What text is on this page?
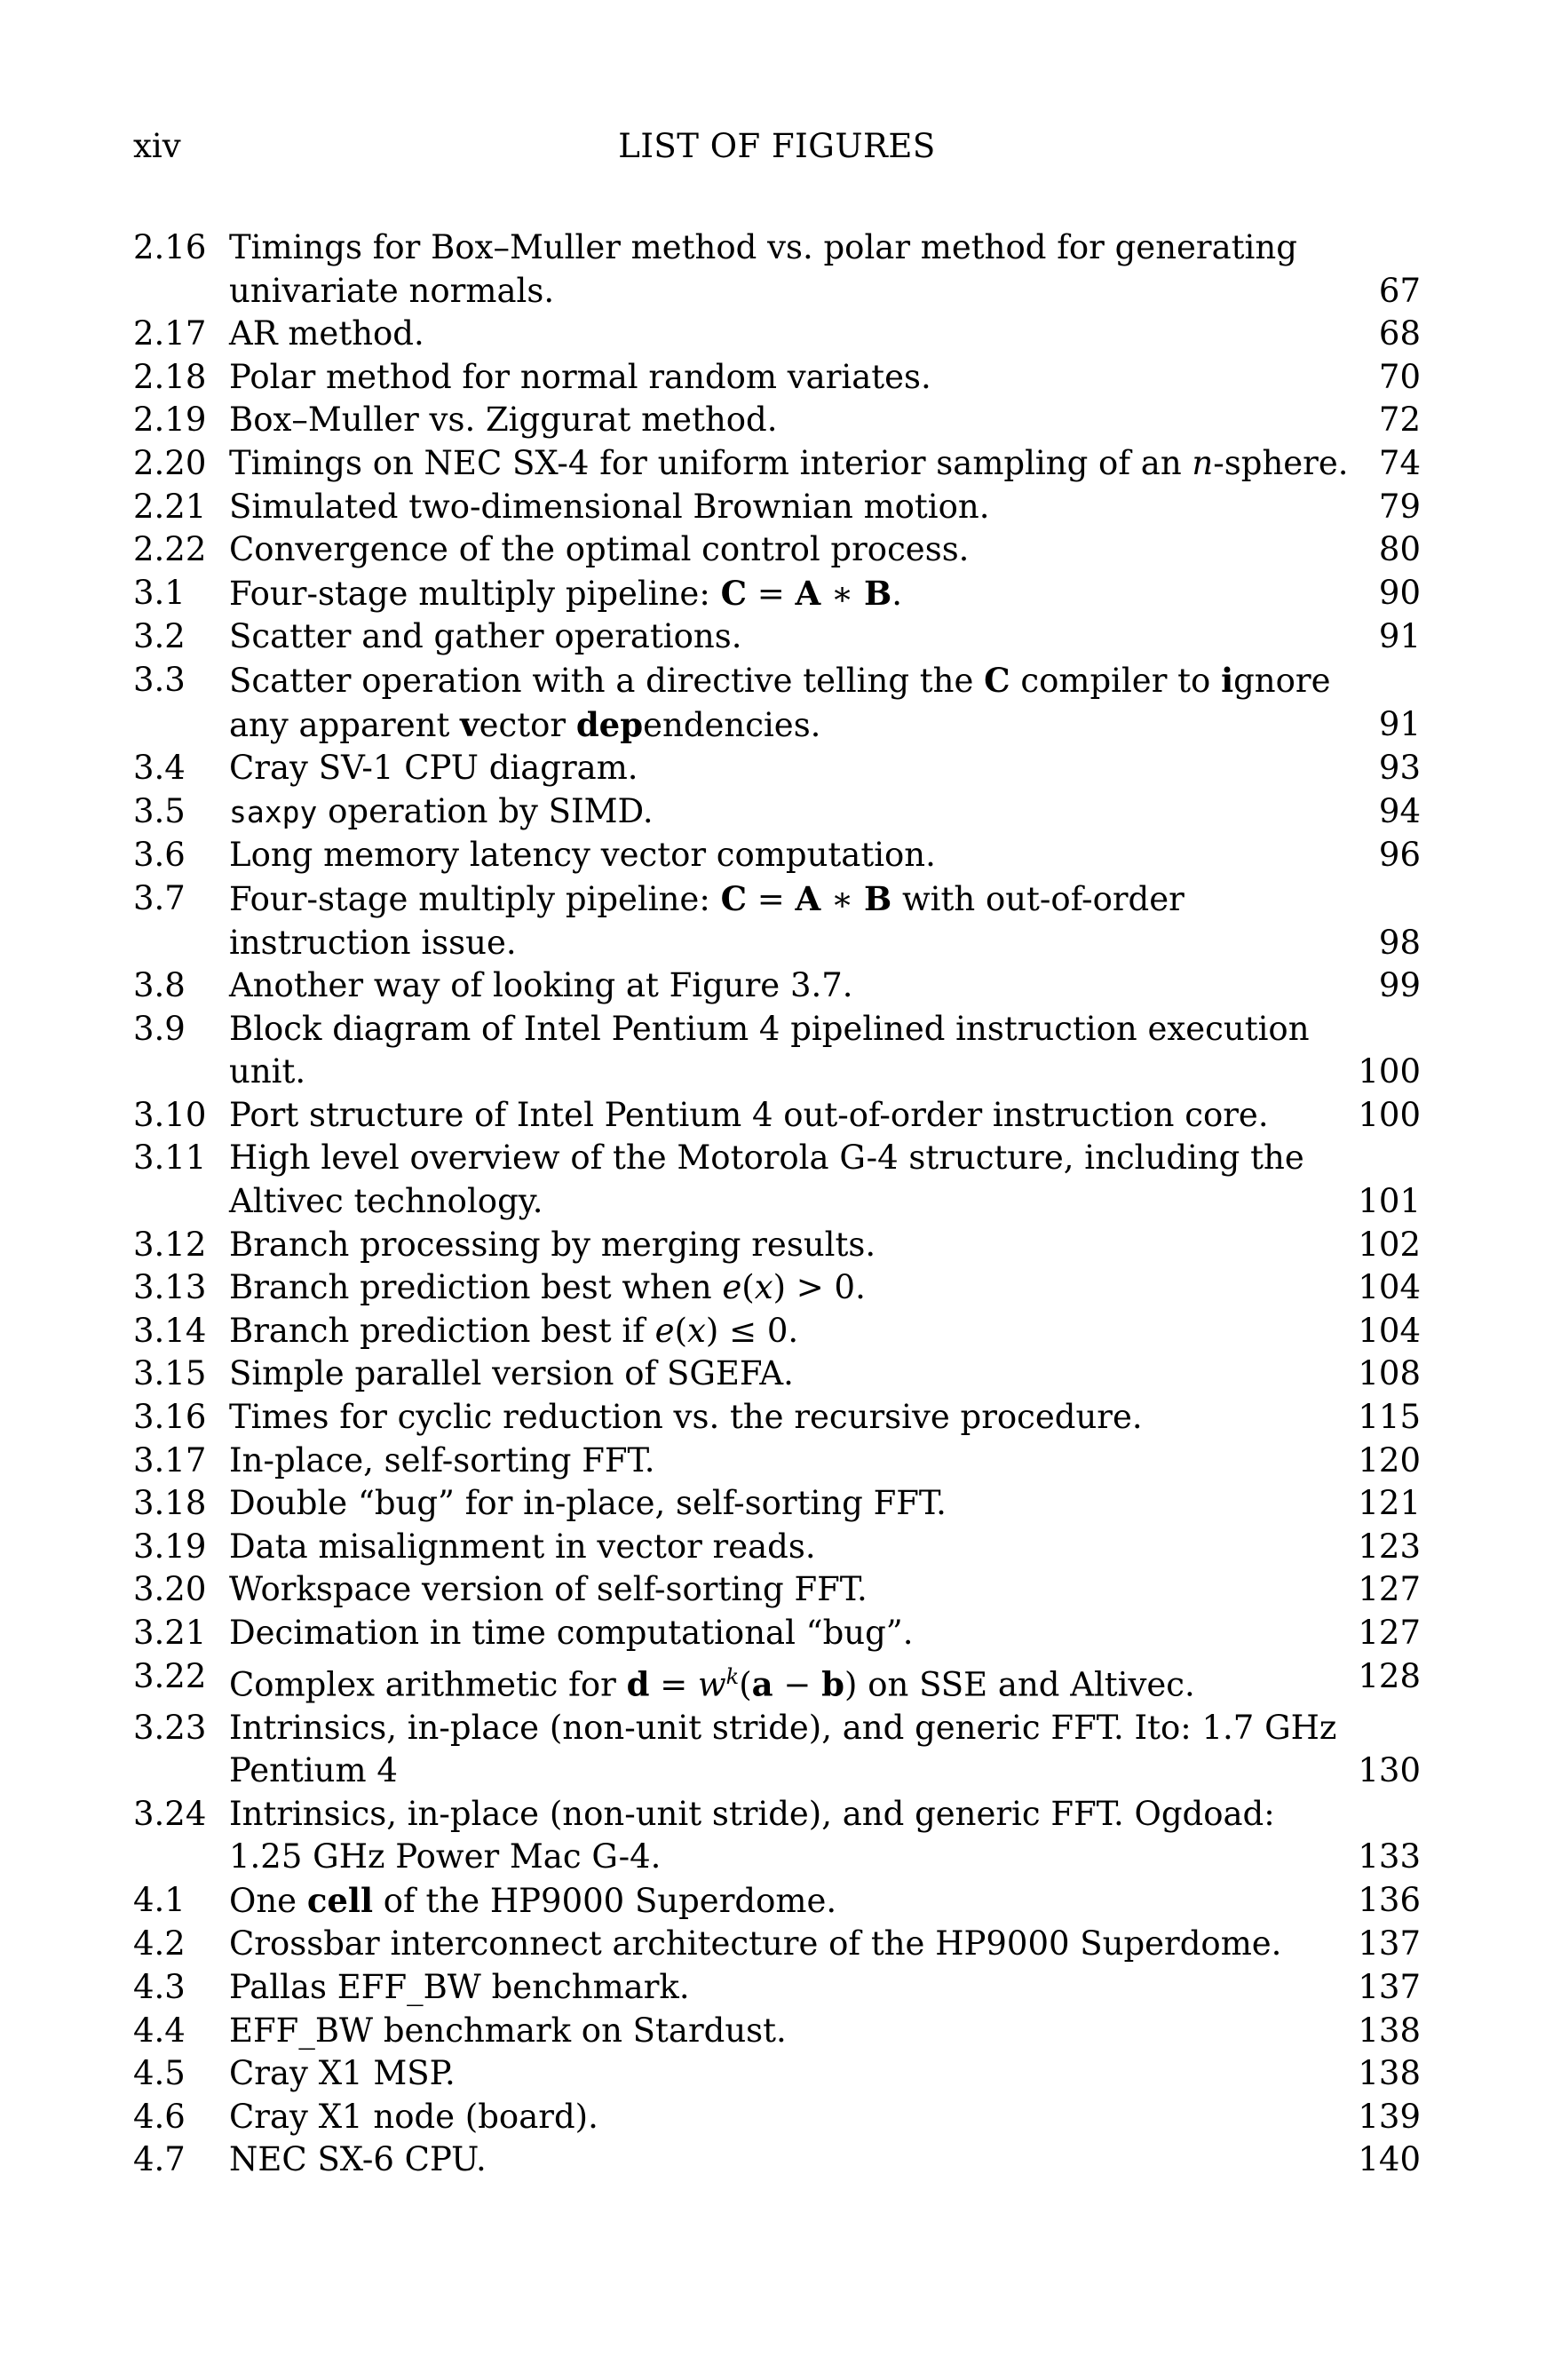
xiv	LIST OF FIGURES
2.16 Timings for Box–Muller method vs. polar method for generating
univariate normals.	67
2.17 AR method.	68
2.18 Polar method for normal random variates.	70
2.19 Box–Muller vs. Ziggurat method.	72
2.20 Timings on NEC SX-4 for uniform interior sampling of an n-sphere. 74
2.21 Simulated two-dimensional Brownian motion.	79
2.22 Convergence of the optimal control process.	80
3.1	Four-stage multiply pipeline: C = A ∗ B.	90
3.2	Scatter and gather operations.	91
3.3	Scatter operation with a directive telling the C compiler to ignore
any apparent vector dependencies.	91
3.4	Cray SV-1 CPU diagram.	93
3.5	saxpy operation by SIMD.	94
3.6	Long memory latency vector computation.	96
3.7	Four-stage multiply pipeline: C = A ∗ B with out-of-order
instruction issue.	98
3.8	Another way of looking at Figure 3.7.	99
3.9	Block diagram of Intel Pentium 4 pipelined instruction execution
unit.	100
3.10 Port structure of Intel Pentium 4 out-of-order instruction core.	100
3.11 High level overview of the Motorola G-4 structure, including the
Altivec technology.	101
3.12 Branch processing by merging results.	102
3.13 Branch prediction best when e(x) > 0.	104
3.14 Branch prediction best if e(x) ≤ 0.	104
3.15 Simple parallel version of SGEFA.	108
3.16 Times for cyclic reduction vs. the recursive procedure.	115
3.17 In-place, self-sorting FFT.	120
3.18 Double “bug” for in-place, self-sorting FFT.	121
3.19 Data misalignment in vector reads.	123
3.20 Workspace version of self-sorting FFT.	127
3.21 Decimation in time computational “bug”.	127
3.22 Complex arithmetic for $d = w^k(a - b)$ on SSE and Altivec.	128
3.23 Intrinsics, in-place (non-unit stride), and generic FFT. Ito: 1.7 GHz
Pentium 4	130
3.24 Intrinsics, in-place (non-unit stride), and generic FFT. Ogdoad:
1.25 GHz Power Mac G-4.	133
4.1	One cell of the HP9000 Superdome.	136
4.2	Crossbar interconnect architecture of the HP9000 Superdome.	137
4.3	Pallas EFF_BW benchmark.	137
4.4	EFF_BW benchmark on Stardust.	138
4.5	Cray X1 MSP.	138
4.6	Cray X1 node (board).	139
4.7	NEC SX-6 CPU.	140
